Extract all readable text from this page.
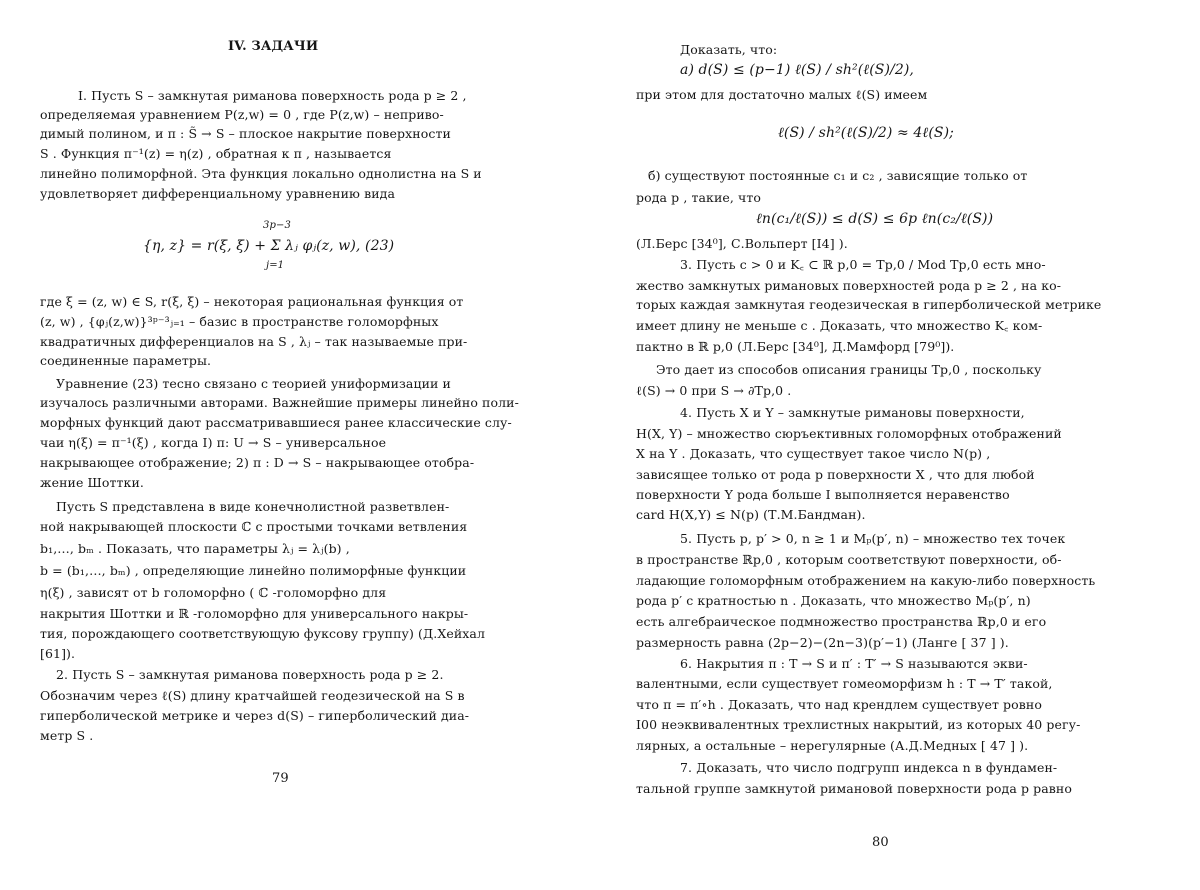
IV. ЗАДАЧИ
I. Пусть S – замкнутая риманова поверхность рода p ≥ 2 ,
определяемая уравнением P(z,w) = 0 , где P(z,w) – неприво-
димый полином, и π : S̃ → S – плоское накрытие поверхности
S . Функция π⁻¹(z) = η(z) , обратная к π , называется
линейно полиморфной. Эта функция локально однолистна на S и
удовлетворяет дифференциальному уравнению вида
3p−3
{η, z} = r(ξ, ξ) + Σ λⱼ φⱼ(z, w), (23)
j=1
где ξ = (z, w) ∈ S, r(ξ, ξ) – некоторая рациональная функция от
(z, w) , {φⱼ(z,w)}³ᵖ⁻³ⱼ₌₁ – базис в пространстве голоморфных
квадратичных дифференциалов на S , λⱼ – так называемые при-
соединенные параметры.
Уравнение (23) тесно связано с теорией униформизации и
изучалось различными авторами. Важнейшие примеры линейно поли-
морфных функций дают рассматривавшиеся ранее классические слу-
чаи η(ξ) = π⁻¹(ξ) , когда I) π: U → S – универсальное
накрывающее отображение; 2) π : D → S – накрывающее отобра-
жение Шоттки.
Пусть S представлена в виде конечнолистной разветвлен-
ной накрывающей плоскости ℂ с простыми точками ветвления
b₁,…, bₘ . Показать, что параметры λⱼ = λⱼ(b) ,
b = (b₁,…, bₘ) , определяющие линейно полиморфные функции
η(ξ) , зависят от b голоморфно ( ℂ -голоморфно для
накрытия Шоттки и ℝ -голоморфно для универсального накры-
тия, порождающего соответствующую фуксову группу) (Д.Хейхал
[61]).
2. Пусть S – замкнутая риманова поверхность рода p ≥ 2.
Обозначим через ℓ(S) длину кратчайшей геодезической на S в
гиперболической метрике и через d(S) – гиперболический диа-
метр S .
79
Доказать, что:
а) d(S) ≤ (p−1) ℓ(S) / sh²(ℓ(S)/2),
при этом для достаточно малых ℓ(S) имеем
ℓ(S) / sh²(ℓ(S)/2) ≈ 4ℓ(S);
б) существуют постоянные c₁ и c₂ , зависящие только от
рода p , такие, что
ℓn(c₁/ℓ(S)) ≤ d(S) ≤ 6p ℓn(c₂/ℓ(S))
(Л.Берс [34⁰], С.Вольперт [I4] ).
3. Пусть c > 0 и K꜀ ⊂ ℝ p,0 = Tp,0 / Mod Tp,0 есть мно-
жество замкнутых римановых поверхностей рода p ≥ 2 , на ко-
торых каждая замкнутая геодезическая в гиперболической метрике
имеет длину не меньше c . Доказать, что множество K꜀ ком-
пактно в ℝ p,0 (Л.Берс [34⁰], Д.Мамфорд [79⁰]).
Это дает из способов описания границы Tp,0 , поскольку
ℓ(S) → 0 при S → ∂Tp,0 .
4. Пусть X и Y – замкнутые римановы поверхности,
H(X, Y) – множество сюръективных голоморфных отображений
X на Y . Доказать, что существует такое число N(p) ,
зависящее только от рода p поверхности X , что для любой
поверхности Y рода больше I выполняется неравенство
card H(X,Y) ≤ N(p) (Т.М.Бандман).
5. Пусть p, p′ > 0, n ≥ 1 и Mₚ(p′, n) – множество тех точек
в пространстве ℝp,0 , которым соответствуют поверхности, об-
ладающие голоморфным отображением на какую-либо поверхность
рода p′ с кратностью n . Доказать, что множество Mₚ(p′, n)
есть алгебраическое подмножество пространства ℝp,0 и его
размерность равна (2p−2)−(2n−3)(p′−1) (Ланге [ 37 ] ).
6. Накрытия π : T → S и π′ : T′ → S называются экви-
валентными, если существует гомеоморфизм h : T → T′ такой,
что π = π′∘h . Доказать, что над крендлем существует ровно
I00 неэквивалентных трехлистных накрытий, из которых 40 регу-
лярных, а остальные – нерегулярные (А.Д.Медных [ 47 ] ).
7. Доказать, что число подгрупп индекса n в фундамен-
тальной группе замкнутой римановой поверхности рода p равно
80
